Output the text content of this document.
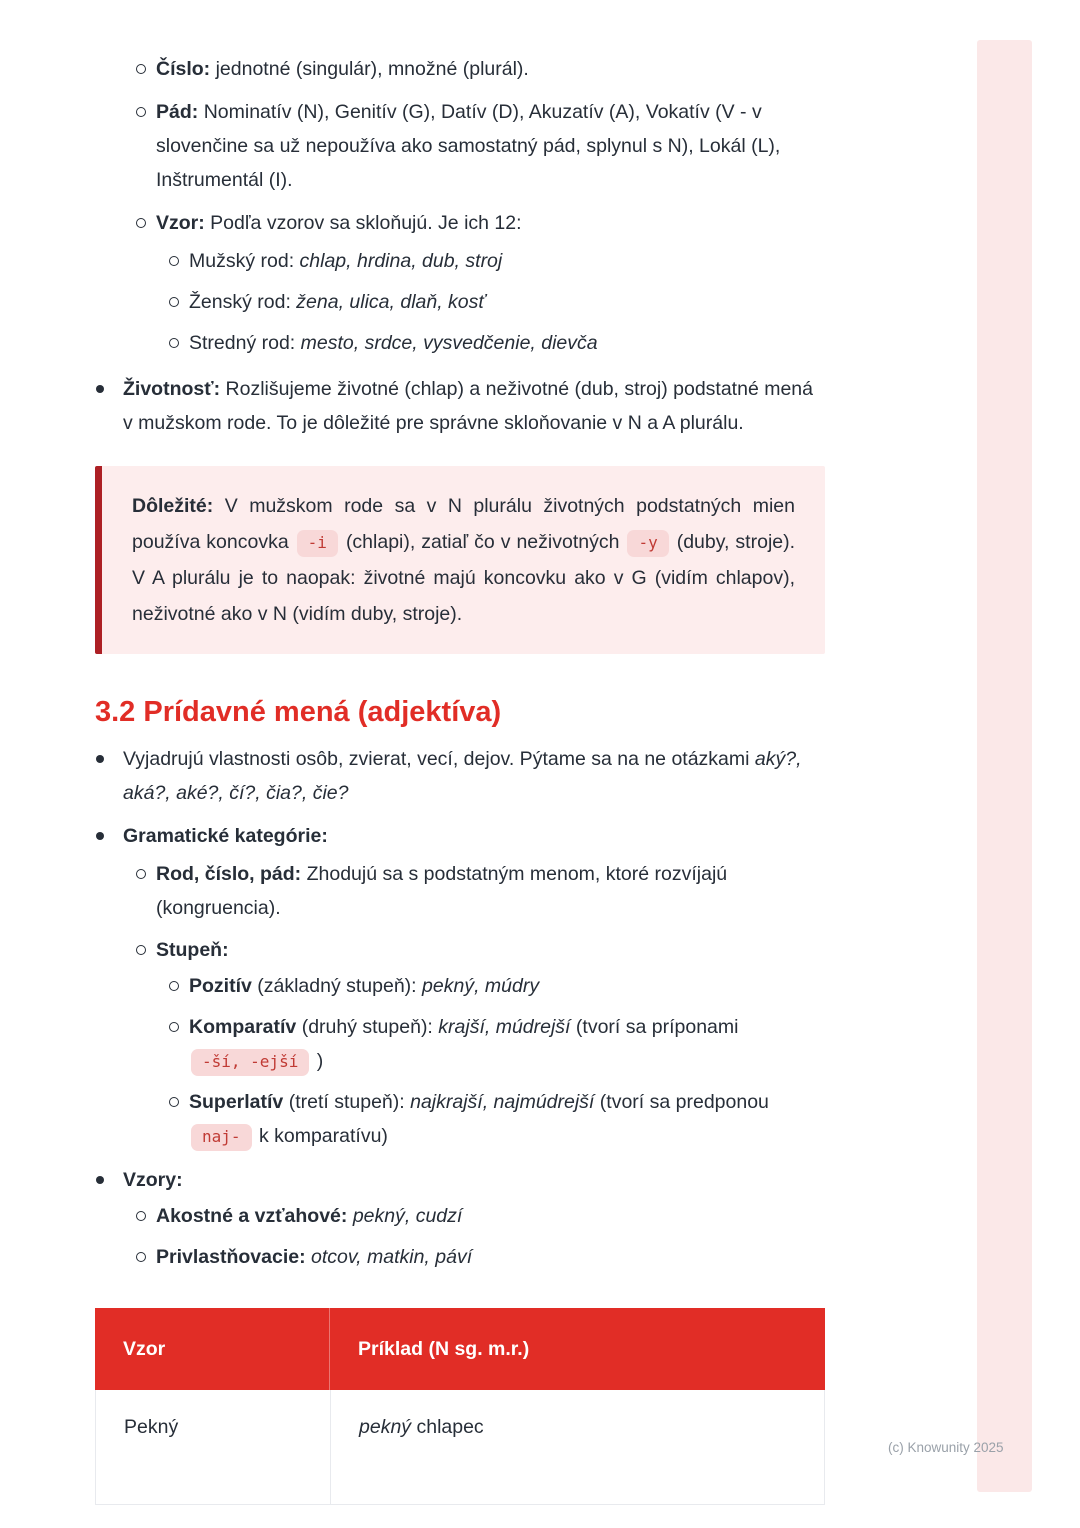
(c) Knowunity 2025
Číslo: jednotné (singulár), množné (plurál).
Pád: Nominatív (N), Genitív (G), Datív (D), Akuzatív (A), Vokatív (V - v slovenčine sa už nepoužíva ako samostatný pád, splynul s N), Lokál (L), Inštrumentál (I).
Vzor: Podľa vzorov sa skloňujú. Je ich 12:
Mužský rod: chlap, hrdina, dub, stroj
Ženský rod: žena, ulica, dlaň, kosť
Stredný rod: mesto, srdce, vysvedčenie, dievča
Životnosť: Rozlišujeme životné (chlap) a neživotné (dub, stroj) podstatné mená v mužskom rode. To je dôležité pre správne skloňovanie v N a A plurálu.
Dôležité: V mužskom rode sa v N plurálu životných podstatných mien používa koncovka -i (chlapi), zatiaľ čo v neživotných -y (duby, stroje). V A plurálu je to naopak: životné majú koncovku ako v G (vidím chlapov), neživotné ako v N (vidím duby, stroje).
3.2 Prídavné mená (adjektíva)
Vyjadrujú vlastnosti osôb, zvierat, vecí, dejov. Pýtame sa na ne otázkami aký?, aká?, aké?, čí?, čia?, čie?
Gramatické kategórie:
Rod, číslo, pád: Zhodujú sa s podstatným menom, ktoré rozvíjajú (kongruencia).
Stupeň:
Pozitív (základný stupeň): pekný, múdry
Komparatív (druhý stupeň): krajší, múdrejší (tvorí sa príponami -ší, -ejší )
Superlatív (tretí stupeň): najkrajší, najmúdrejší (tvorí sa predponou naj- k komparatívu)
Vzory:
Akostné a vzťahové: pekný, cudzí
Privlastňovacie: otcov, matkin, páví
Vzor	Príklad (N sg. m.r.)
Pekný	pekný chlapec
